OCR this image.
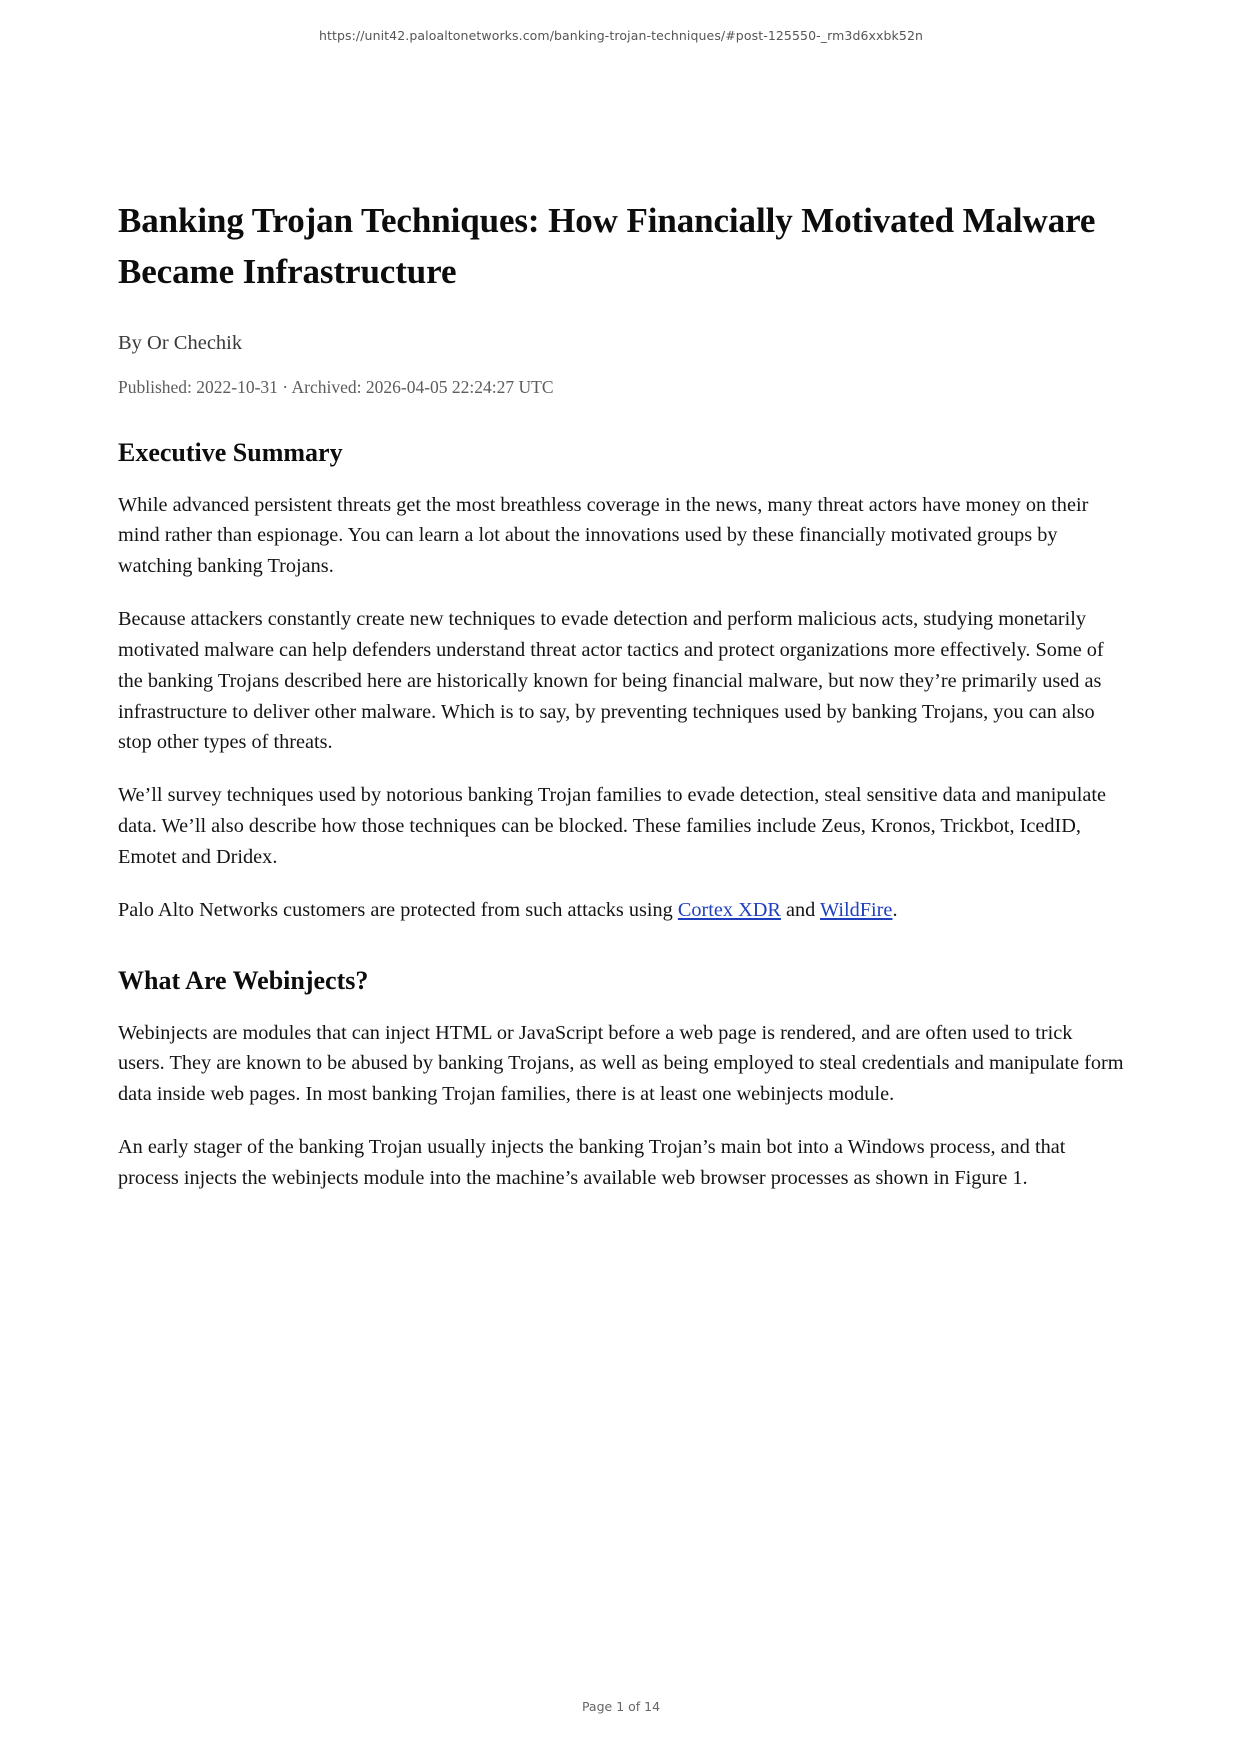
https://unit42.paloaltonetworks.com/banking-trojan-techniques/#post-125550-_rm3d6xxbk52n
Banking Trojan Techniques: How Financially Motivated Malware Became Infrastructure
By Or Chechik
Published: 2022-10-31 · Archived: 2026-04-05 22:24:27 UTC
Executive Summary

While advanced persistent threats get the most breathless coverage in the news, many threat actors have money on their mind rather than espionage. You can learn a lot about the innovations used by these financially motivated groups by watching banking Trojans.

Because attackers constantly create new techniques to evade detection and perform malicious acts, studying monetarily motivated malware can help defenders understand threat actor tactics and protect organizations more effectively. Some of the banking Trojans described here are historically known for being financial malware, but now they’re primarily used as infrastructure to deliver other malware. Which is to say, by preventing techniques used by banking Trojans, you can also stop other types of threats.

We’ll survey techniques used by notorious banking Trojan families to evade detection, steal sensitive data and manipulate data. We’ll also describe how those techniques can be blocked. These families include Zeus, Kronos, Trickbot, IcedID, Emotet and Dridex.

Palo Alto Networks customers are protected from such attacks using Cortex XDR and WildFire.

What Are Webinjects?

Webinjects are modules that can inject HTML or JavaScript before a web page is rendered, and are often used to trick users. They are known to be abused by banking Trojans, as well as being employed to steal credentials and manipulate form data inside web pages. In most banking Trojan families, there is at least one webinjects module.

An early stager of the banking Trojan usually injects the banking Trojan’s main bot into a Windows process, and that process injects the webinjects module into the machine’s available web browser processes as shown in Figure 1.

Page 1 of 14
